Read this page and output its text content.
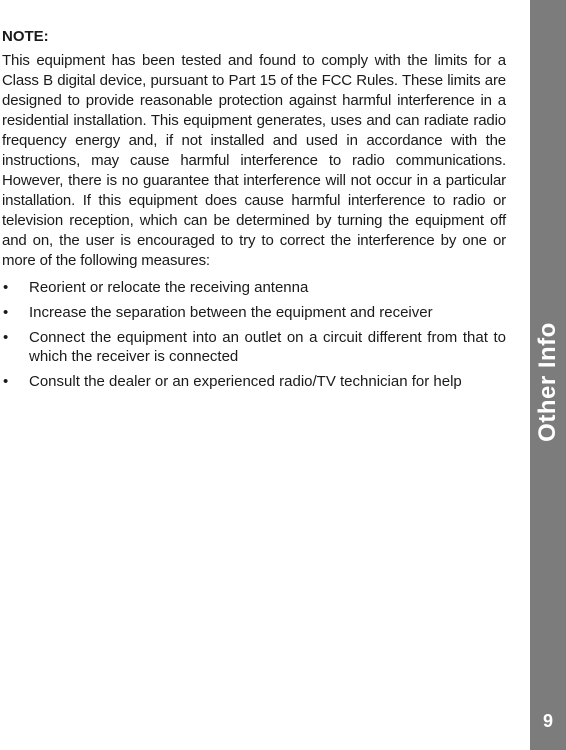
NOTE:

This equipment has been tested and found to comply with the limits for a Class B digital device, pursuant to Part 15 of the FCC Rules. These limits are designed to provide reasonable protection against harmful interference in a residential installation. This equipment generates, uses and can radiate radio frequency energy and, if not installed and used in accordance with the instructions, may cause harmful interference to radio communications. However, there is no guarantee that interference will not occur in a particular installation. If this equipment does cause harmful interference to radio or television reception, which can be determined by turning the equipment off and on, the user is encouraged to try to correct the interference by one or more of the following measures:

• Reorient or relocate the receiving antenna
• Increase the separation between the equipment and receiver
• Connect the equipment into an outlet on a circuit different from that to which the receiver is connected
• Consult the dealer or an experienced radio/TV technician for help	Other Info
9
